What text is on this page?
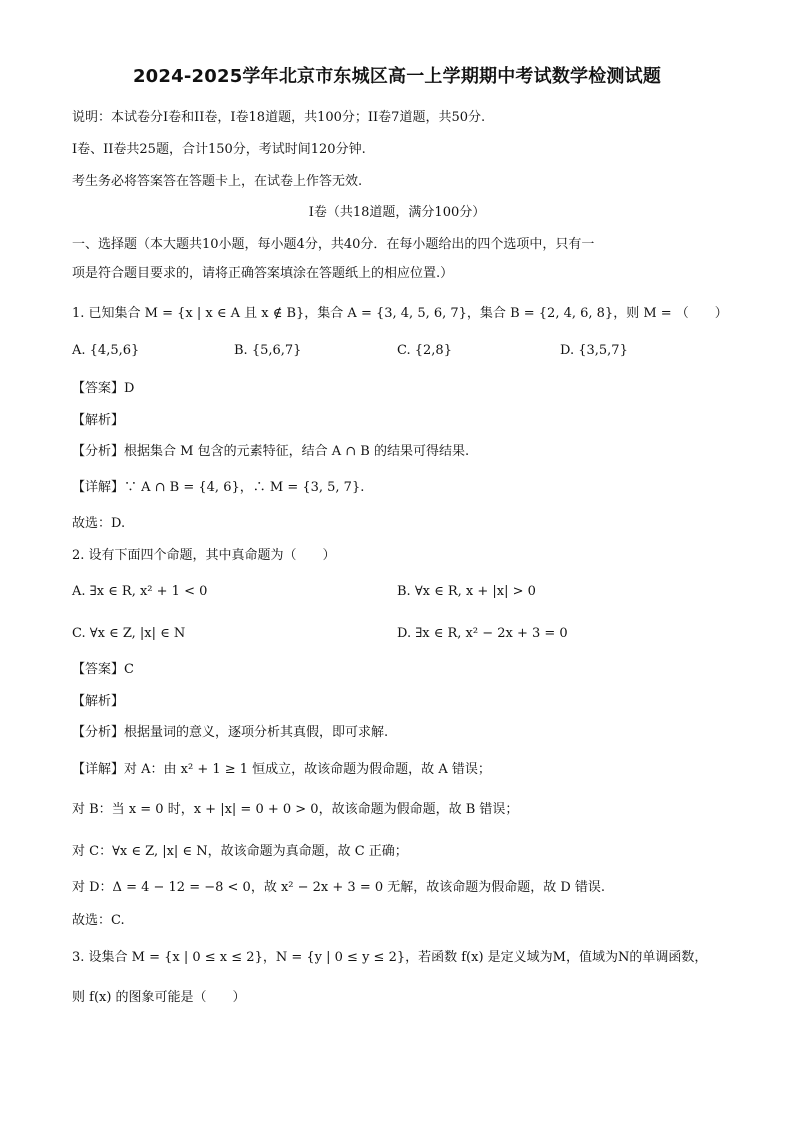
2024-2025学年北京市东城区高一上学期期中考试数学检测试题
说明：本试卷分I卷和II卷，I卷18道题，共100分；II卷7道题，共50分.
I卷、II卷共25题，合计150分，考试时间120分钟.
考生务必将答案答在答题卡上，在试卷上作答无效.
I卷（共18道题，满分100分）
一、选择题（本大题共10小题，每小题4分，共40分．在每小题给出的四个选项中，只有一
项是符合题目要求的，请将正确答案填涂在答题纸上的相应位置.）
1. 已知集合 M = {x | x ∈ A 且 x ∉ B}，集合 A = {3, 4, 5, 6, 7}，集合 B = {2, 4, 6, 8}，则 M = （　　）
A. {4,5,6}	B. {5,6,7}	C. {2,8}	D. {3,5,7}
【答案】D
【解析】
【分析】根据集合 M 包含的元素特征，结合 A ∩ B 的结果可得结果.
【详解】∵ A ∩ B = {4, 6}，∴ M = {3, 5, 7}.
故选：D.
2. 设有下面四个命题，其中真命题为（　　）
A. ∃x ∈ R, x² + 1 < 0	B. ∀x ∈ R, x + |x| > 0
C. ∀x ∈ Z, |x| ∈ N	D. ∃x ∈ R, x² − 2x + 3 = 0
【答案】C
【解析】
【分析】根据量词的意义，逐项分析其真假，即可求解.
【详解】对 A：由 x² + 1 ≥ 1 恒成立，故该命题为假命题，故 A 错误；
对 B：当 x = 0 时，x + |x| = 0 + 0 > 0，故该命题为假命题，故 B 错误；
对 C：∀x ∈ Z, |x| ∈ N，故该命题为真命题，故 C 正确；
对 D：Δ = 4 − 12 = −8 < 0，故 x² − 2x + 3 = 0 无解，故该命题为假命题，故 D 错误.
故选：C.
3. 设集合 M = {x | 0 ≤ x ≤ 2}，N = {y | 0 ≤ y ≤ 2}，若函数 f(x) 是定义域为M，值域为N的单调函数，
则 f(x) 的图象可能是（　　）
